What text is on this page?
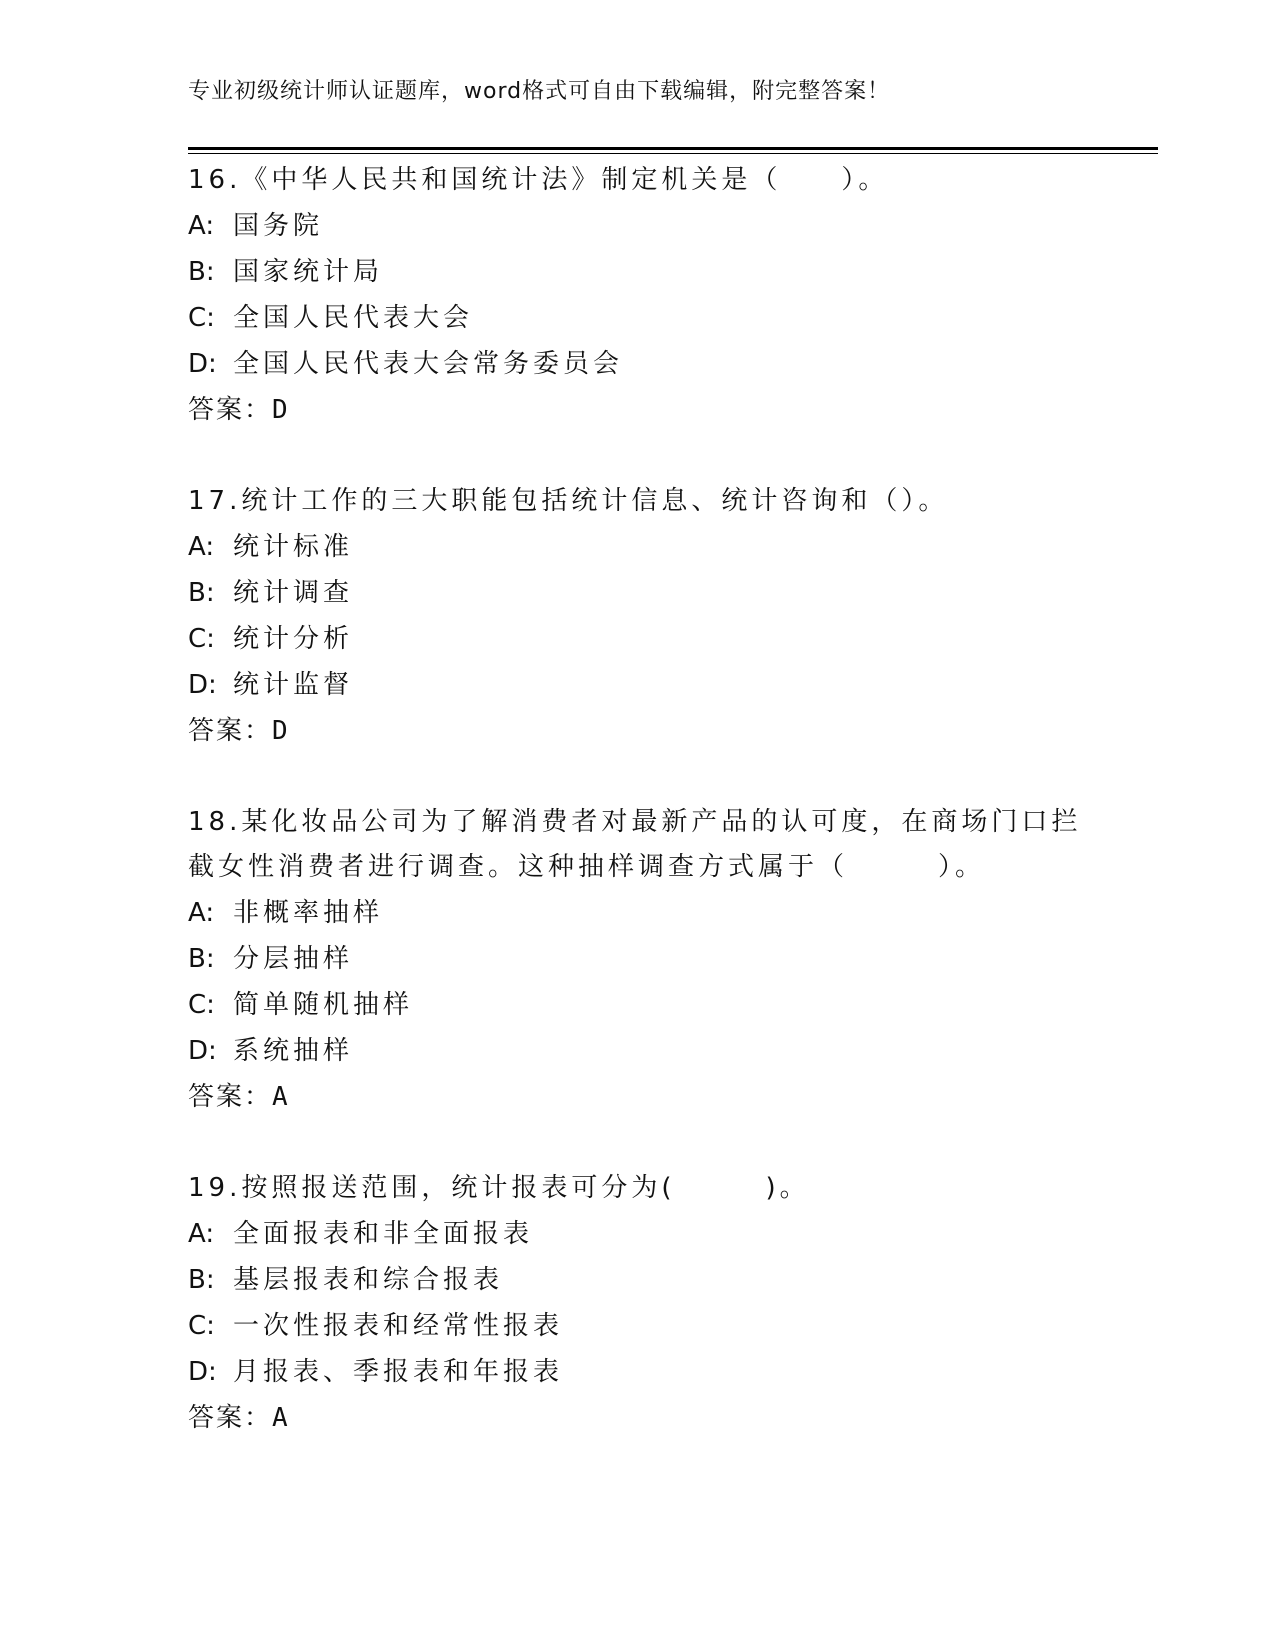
专业初级统计师认证题库，word格式可自由下载编辑，附完整答案！
16.《中华人民共和国统计法》制定机关是（　　）。
A: 国务院
B: 国家统计局
C: 全国人民代表大会
D: 全国人民代表大会常务委员会
答案：D
17.统计工作的三大职能包括统计信息、统计咨询和（）。
A: 统计标准
B: 统计调查
C: 统计分析
D: 统计监督
答案：D
18.某化妆品公司为了解消费者对最新产品的认可度，在商场门口拦截女性消费者进行调查。这种抽样调查方式属于（　　　）。
A: 非概率抽样
B: 分层抽样
C: 简单随机抽样
D: 系统抽样
答案：A
19.按照报送范围，统计报表可分为(　　　)。
A: 全面报表和非全面报表
B: 基层报表和综合报表
C: 一次性报表和经常性报表
D: 月报表、季报表和年报表
答案：A
